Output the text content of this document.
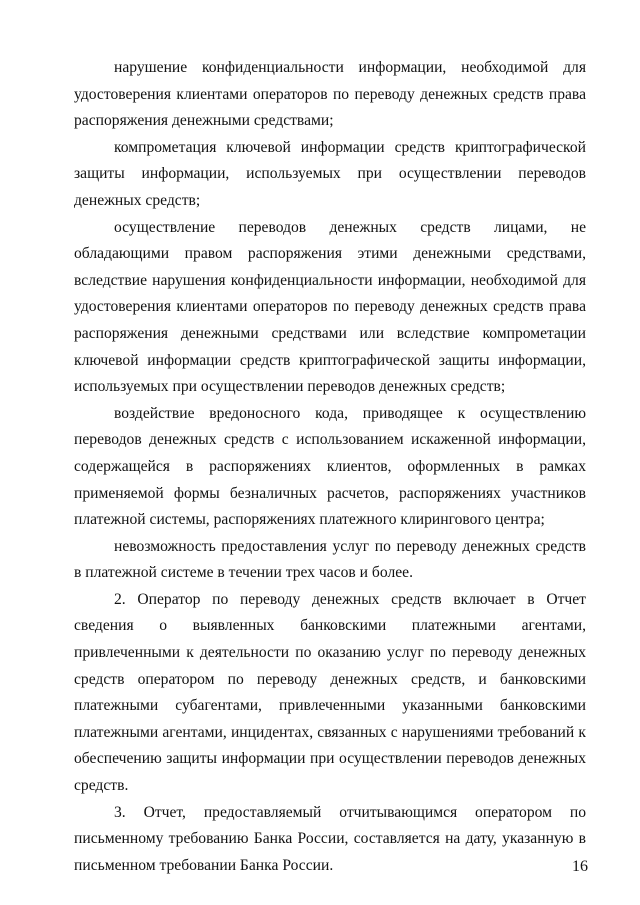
нарушение конфиденциальности информации, необходимой для удостоверения клиентами операторов по переводу денежных средств права распоряжения денежными средствами;

компрометация ключевой информации средств криптографической защиты информации, используемых при осуществлении переводов денежных средств;

осуществление переводов денежных средств лицами, не обладающими правом распоряжения этими денежными средствами, вследствие нарушения конфиденциальности информации, необходимой для удостоверения клиентами операторов по переводу денежных средств права распоряжения денежными средствами или вследствие компрометации ключевой информации средств криптографической защиты информации, используемых при осуществлении переводов денежных средств;

воздействие вредоносного кода, приводящее к осуществлению переводов денежных средств с использованием искаженной информации, содержащейся в распоряжениях клиентов, оформленных в рамках применяемой формы безналичных расчетов, распоряжениях участников платежной системы, распоряжениях платежного клирингового центра;

невозможность предоставления услуг по переводу денежных средств в платежной системе в течении трех часов и более.

2. Оператор по переводу денежных средств включает в Отчет сведения о выявленных банковскими платежными агентами, привлеченными к деятельности по оказанию услуг по переводу денежных средств оператором по переводу денежных средств, и банковскими платежными субагентами, привлеченными указанными банковскими платежными агентами, инцидентах, связанных с нарушениями требований к обеспечению защиты информации при осуществлении переводов денежных средств.

3. Отчет, предоставляемый отчитывающимся оператором по письменному требованию Банка России, составляется на дату, указанную в письменном требовании Банка России.	16
